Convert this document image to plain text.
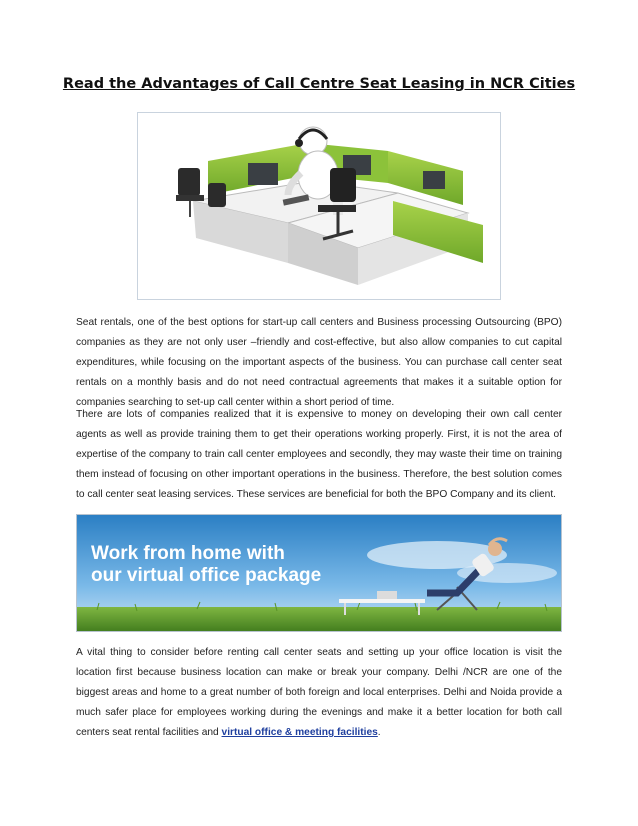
Read the Advantages of Call Centre Seat Leasing in NCR Cities

Seat rentals, one of the best options for start-up call centers and Business processing Outsourcing (BPO) companies as they are not only user –friendly and cost-effective, but also allow companies to cut capital expenditures, while focusing on the important aspects of the business. You can purchase call center seat rentals on a monthly basis and do not need contractual agreements that makes it a suitable option for companies searching to set-up call center within a short period of time.

There are lots of companies realized that it is expensive to money on developing their own call center agents as well as provide training them to get their operations working properly. First, it is not the area of expertise of the company to train call center employees and secondly, they may waste their time on training them instead of focusing on other important operations in the business. Therefore, the best solution comes to call center seat leasing services. These services are beneficial for both the BPO Company and its client.

Work from home with
our virtual office package

A vital thing to consider before renting call center seats and setting up your office location is visit the location first because business location can make or break your company. Delhi /NCR are one of the biggest areas and home to a great number of both foreign and local enterprises. Delhi and Noida provide a much safer place for employees working during the evenings and make it a better location for both call centers seat rental facilities and virtual office & meeting facilities.
